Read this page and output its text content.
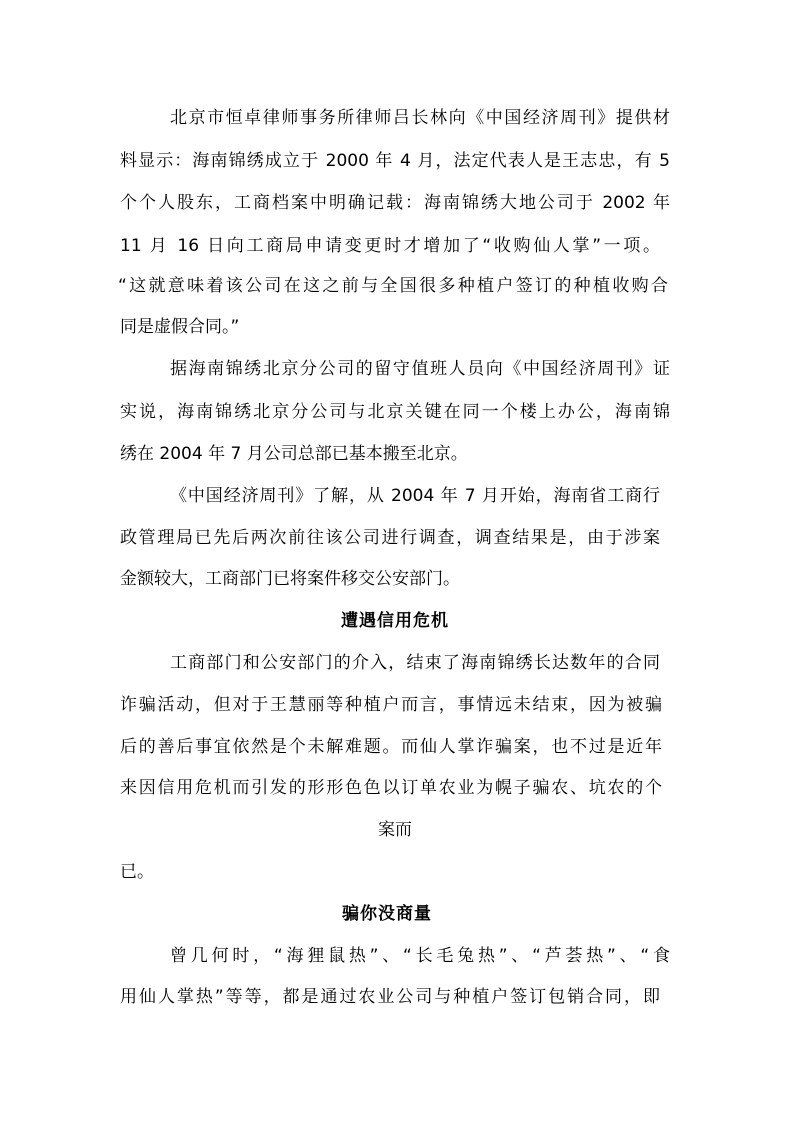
北京市恒卓律师事务所律师吕长林向《中国经济周刊》提供材
料显示：海南锦绣成立于 2000 年 4 月，法定代表人是王志忠，有 5
个个人股东，工商档案中明确记载：海南锦绣大地公司于 2002 年
11 月 16 日向工商局申请变更时才增加了“收购仙人掌”一项。
“这就意味着该公司在这之前与全国很多种植户签订的种植收购合
同是虚假合同。”
据海南锦绣北京分公司的留守值班人员向《中国经济周刊》证
实说，海南锦绣北京分公司与北京关键在同一个楼上办公，海南锦
绣在 2004 年 7 月公司总部已基本搬至北京。
《中国经济周刊》了解，从 2004 年 7 月开始，海南省工商行
政管理局已先后两次前往该公司进行调查，调查结果是，由于涉案
金额较大，工商部门已将案件移交公安部门。
遭遇信用危机
工商部门和公安部门的介入，结束了海南锦绣长达数年的合同
诈骗活动，但对于王慧丽等种植户而言，事情远未结束，因为被骗
后的善后事宜依然是个未解难题。而仙人掌诈骗案，也不过是近年
来因信用危机而引发的形形色色以订单农业为幌子骗农、坑农的个
案而
已。
骗你没商量
曾几何时，“海狸鼠热”、“长毛兔热”、“芦荟热”、“食
用仙人掌热”等等，都是通过农业公司与种植户签订包销合同，即
